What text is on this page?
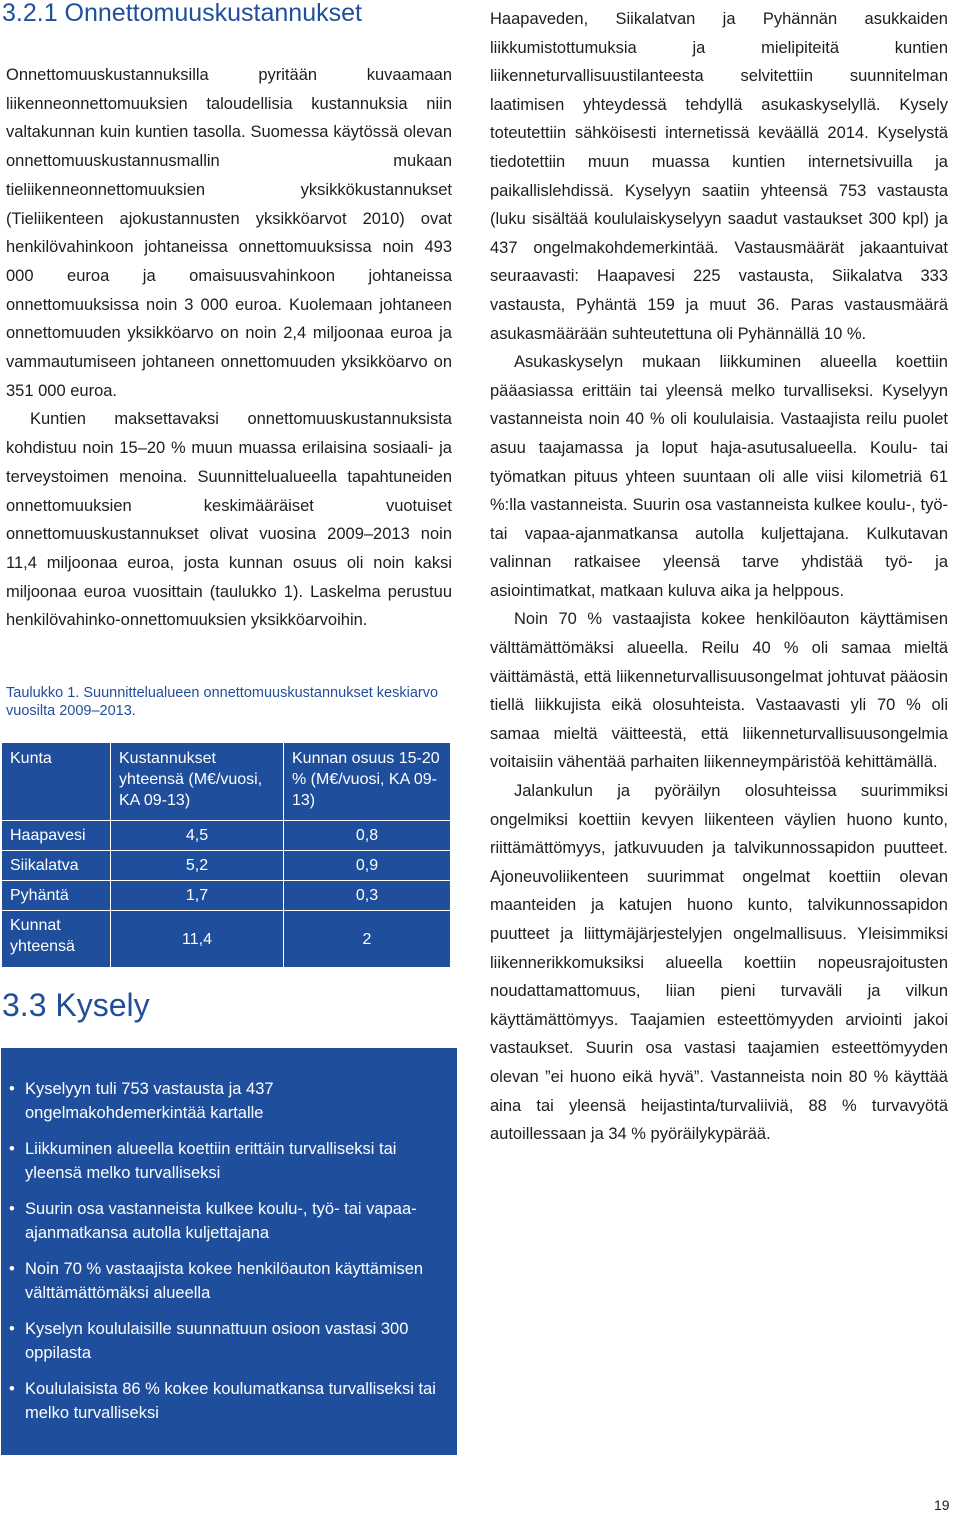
3.2.1 Onnettomuuskustannukset

Onnettomuuskustannuksilla pyritään kuvaamaan liikenneonnettomuuksien taloudellisia kustannuksia niin valtakunnan kuin kuntien tasolla. Suomessa käytössä olevan onnettomuuskustannusmallin mukaan tieliikenneonnettomuuksien yksikkökustannukset (Tieliikenteen ajokustannusten yksikköarvot 2010) ovat henkilövahinkoon johtaneissa onnettomuuksissa noin 493 000 euroa ja omaisuusvahinkoon johtaneissa onnettomuuksissa noin 3 000 euroa. Kuolemaan johtaneen onnettomuuden yksikköarvo on noin 2,4 miljoonaa euroa ja vammautumiseen johtaneen onnettomuuden yksikköarvo on 351 000 euroa.

Kuntien maksettavaksi onnettomuuskustannuksista kohdistuu noin 15–20 % muun muassa erilaisina sosiaali- ja terveystoimen menoina. Suunnittelualueella tapahtuneiden onnettomuuksien keskimääräiset vuotuiset onnettomuuskustannukset olivat vuosina 2009–2013 noin 11,4 miljoonaa euroa, josta kunnan osuus oli noin kaksi miljoonaa euroa vuosittain (taulukko 1). Laskelma perustuu henkilövahinko-onnettomuuksien yksikköarvoihin.

Taulukko 1. Suunnittelualueen onnettomuuskustannukset keskiarvo vuosilta 2009–2013.
Kunta	Kustannukset yhteensä (M€/vuosi, KA 09-13)	Kunnan osuus 15-20 % (M€/vuosi, KA 09-13)
Haapavesi	4,5	0,8
Siikalatva	5,2	0,9
Pyhäntä	1,7	0,3
Kunnat yhteensä	11,4	2
3.3 Kysely
• Kyselyyn tuli 753 vastausta ja 437 ongelmakohdemerkintää kartalle
• Liikkuminen alueella koettiin erittäin turvalliseksi tai yleensä melko turvalliseksi
• Suurin osa vastanneista kulkee koulu-, työ- tai vapaa-ajanmatkansa autolla kuljettajana
• Noin 70 % vastaajista kokee henkilöauton käyttämisen välttämättömäksi alueella
• Kyselyn koululaisille suunnattuun osioon vastasi 300 oppilasta
• Koululaisista 86 % kokee koulumatkansa turvalliseksi tai melko turvalliseksi

Haapaveden, Siikalatvan ja Pyhännän asukkaiden liikkumistottumuksia ja mielipiteitä kuntien liikenneturvallisuustilanteesta selvitettiin suunnitelman laatimisen yhteydessä tehdyllä asukaskyselyllä. Kysely toteutettiin sähköisesti internetissä keväällä 2014. Kyselystä tiedotettiin muun muassa kuntien internetsivuilla ja paikallislehdissä. Kyselyyn saatiin yhteensä 753 vastausta (luku sisältää koululaiskyselyyn saadut vastaukset 300 kpl) ja 437 ongelmakohdemerkintää. Vastausmäärät jakaantuivat seuraavasti: Haapavesi 225 vastausta, Siikalatva 333 vastausta, Pyhäntä 159 ja muut 36. Paras vastausmäärä asukasmäärään suhteutettuna oli Pyhännällä 10 %.

Asukaskyselyn mukaan liikkuminen alueella koettiin pääasiassa erittäin tai yleensä melko turvalliseksi. Kyselyyn vastanneista noin 40 % oli koululaisia. Vastaajista reilu puolet asuu taajamassa ja loput haja-asutusalueella. Koulu- tai työmatkan pituus yhteen suuntaan oli alle viisi kilometriä 61 %:lla vastanneista. Suurin osa vastanneista kulkee koulu-, työ- tai vapaa-ajanmatkansa autolla kuljettajana. Kulkutavan valinnan ratkaisee yleensä tarve yhdistää työ- ja asiointimatkat, matkaan kuluva aika ja helppous.

Noin 70 % vastaajista kokee henkilöauton käyttämisen välttämättömäksi alueella. Reilu 40 % oli samaa mieltä väittämästä, että liikenneturvallisuusongelmat johtuvat pääosin tiellä liikkujista eikä olosuhteista. Vastaavasti yli 70 % oli samaa mieltä väitteestä, että liikenneturvallisuusongelmia voitaisiin vähentää parhaiten liikenneympäristöä kehittämällä.

Jalankulun ja pyöräilyn olosuhteissa suurimmiksi ongelmiksi koettiin kevyen liikenteen väylien huono kunto, riittämättömyys, jatkuvuuden ja talvikunnossapidon puutteet. Ajoneuvoliikenteen suurimmat ongelmat koettiin olevan maanteiden ja katujen huono kunto, talvikunnossapidon puutteet ja liittymäjärjestelyjen ongelmallisuus. Yleisimmiksi liikennerikkomuksiksi alueella koettiin nopeusrajoitusten noudattamattomuus, liian pieni turvaväli ja vilkun käyttämättömyys. Taajamien esteettömyyden arviointi jakoi vastaukset. Suurin osa vastasi taajamien esteettömyyden olevan ”ei huono eikä hyvä”. Vastanneista noin 80 % käyttää aina tai yleensä heijastinta/turvaliiviä, 88 % turvavyötä autoillessaan ja 34 % pyöräilykypärää.

19
